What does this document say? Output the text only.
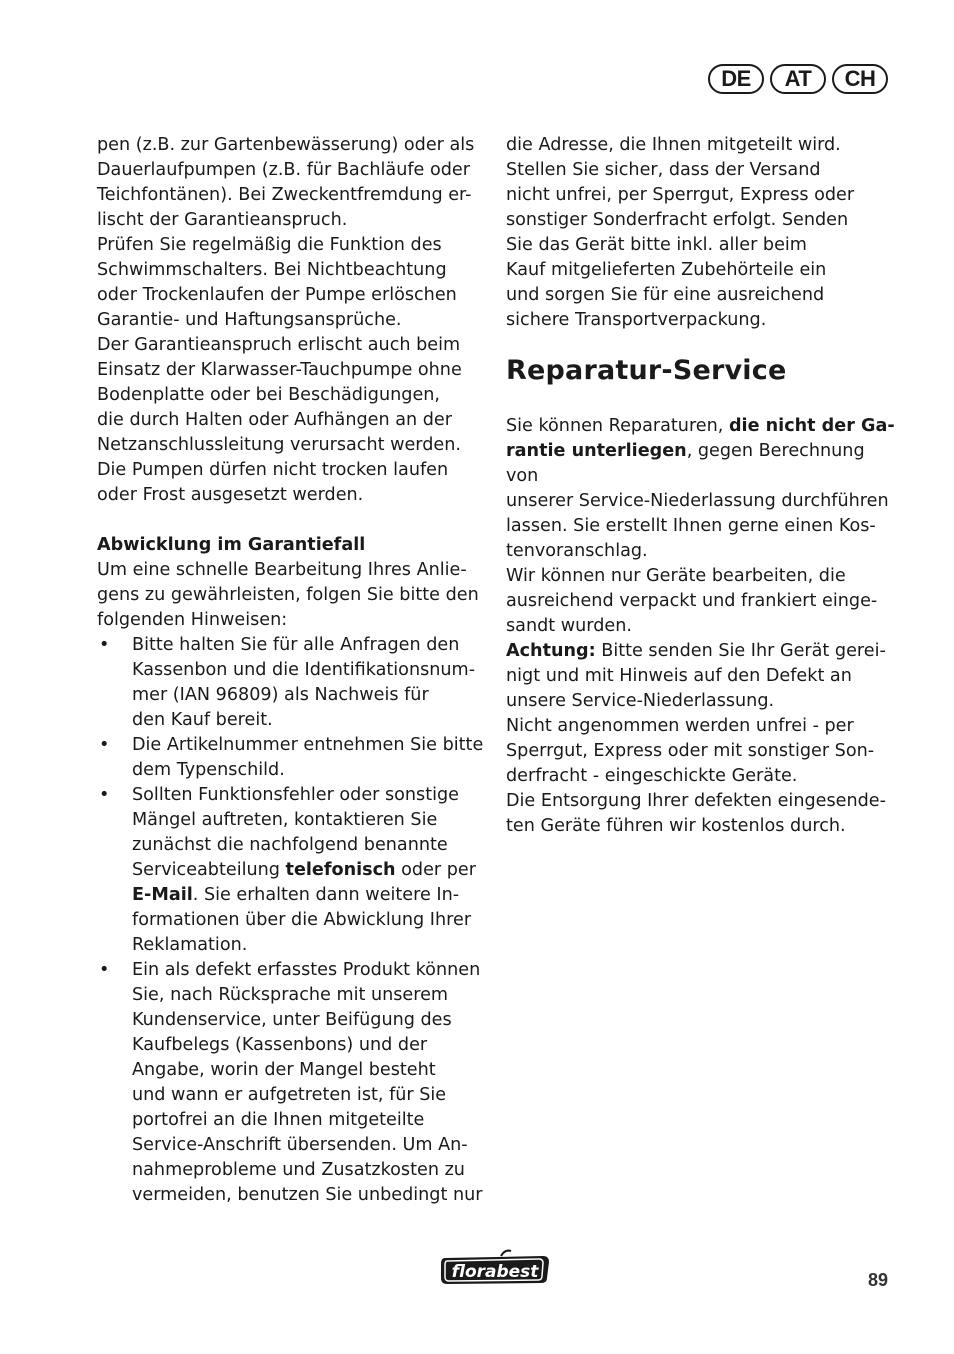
DE	AT	CH

pen (z.B. zur Gartenbewässerung) oder als
Dauerlaufpumpen (z.B. für Bachläufe oder
Teichfontänen). Bei Zweckentfremdung er-
lischt der Garantieanspruch.

Prüfen Sie regelmäßig die Funktion des
Schwimmschalters. Bei Nichtbeachtung
oder Trockenlaufen der Pumpe erlöschen
Garantie- und Haftungsansprüche.

Der Garantieanspruch erlischt auch beim
Einsatz der Klarwasser-Tauchpumpe ohne
Bodenplatte oder bei Beschädigungen,
die durch Halten oder Aufhängen an der
Netzanschlussleitung verursacht werden.
Die Pumpen dürfen nicht trocken laufen
oder Frost ausgesetzt werden.

Abwicklung im Garantiefall

Um eine schnelle Bearbeitung Ihres Anlie-
gens zu gewährleisten, folgen Sie bitte den
folgenden Hinweisen:

• Bitte halten Sie für alle Anfragen den
Kassenbon und die Identifikationsnum-
mer (IAN 96809) als Nachweis für
den Kauf bereit.
• Die Artikelnummer entnehmen Sie bitte
dem Typenschild.
• Sollten Funktionsfehler oder sonstige
Mängel auftreten, kontaktieren Sie
zunächst die nachfolgend benannte
Serviceabteilung telefonisch oder per
E-Mail. Sie erhalten dann weitere In-
formationen über die Abwicklung Ihrer
Reklamation.
• Ein als defekt erfasstes Produkt können
Sie, nach Rücksprache mit unserem
Kundenservice, unter Beifügung des
Kaufbelegs (Kassenbons) und der
Angabe, worin der Mangel besteht
und wann er aufgetreten ist, für Sie
portofrei an die Ihnen mitgeteilte
Service-Anschrift übersenden. Um An-
nahmeprobleme und Zusatzkosten zu
vermeiden, benutzen Sie unbedingt nur

die Adresse, die Ihnen mitgeteilt wird.
Stellen Sie sicher, dass der Versand
nicht unfrei, per Sperrgut, Express oder
sonstiger Sonderfracht erfolgt. Senden
Sie das Gerät bitte inkl. aller beim
Kauf mitgelieferten Zubehörteile ein
und sorgen Sie für eine ausreichend
sichere Transportverpackung.

Reparatur-Service

Sie können Reparaturen, die nicht der Ga-
rantie unterliegen, gegen Berechnung von
unserer Service-Niederlassung durchführen
lassen. Sie erstellt Ihnen gerne einen Kos-
tenvoranschlag.
Wir können nur Geräte bearbeiten, die
ausreichend verpackt und frankiert einge-
sandt wurden.
Achtung: Bitte senden Sie Ihr Gerät gerei-
nigt und mit Hinweis auf den Defekt an
unsere Service-Niederlassung.
Nicht angenommen werden unfrei - per
Sperrgut, Express oder mit sonstiger Son-
derfracht - eingeschickte Geräte.
Die Entsorgung Ihrer defekten eingesende-
ten Geräte führen wir kostenlos durch.

florabest	89
